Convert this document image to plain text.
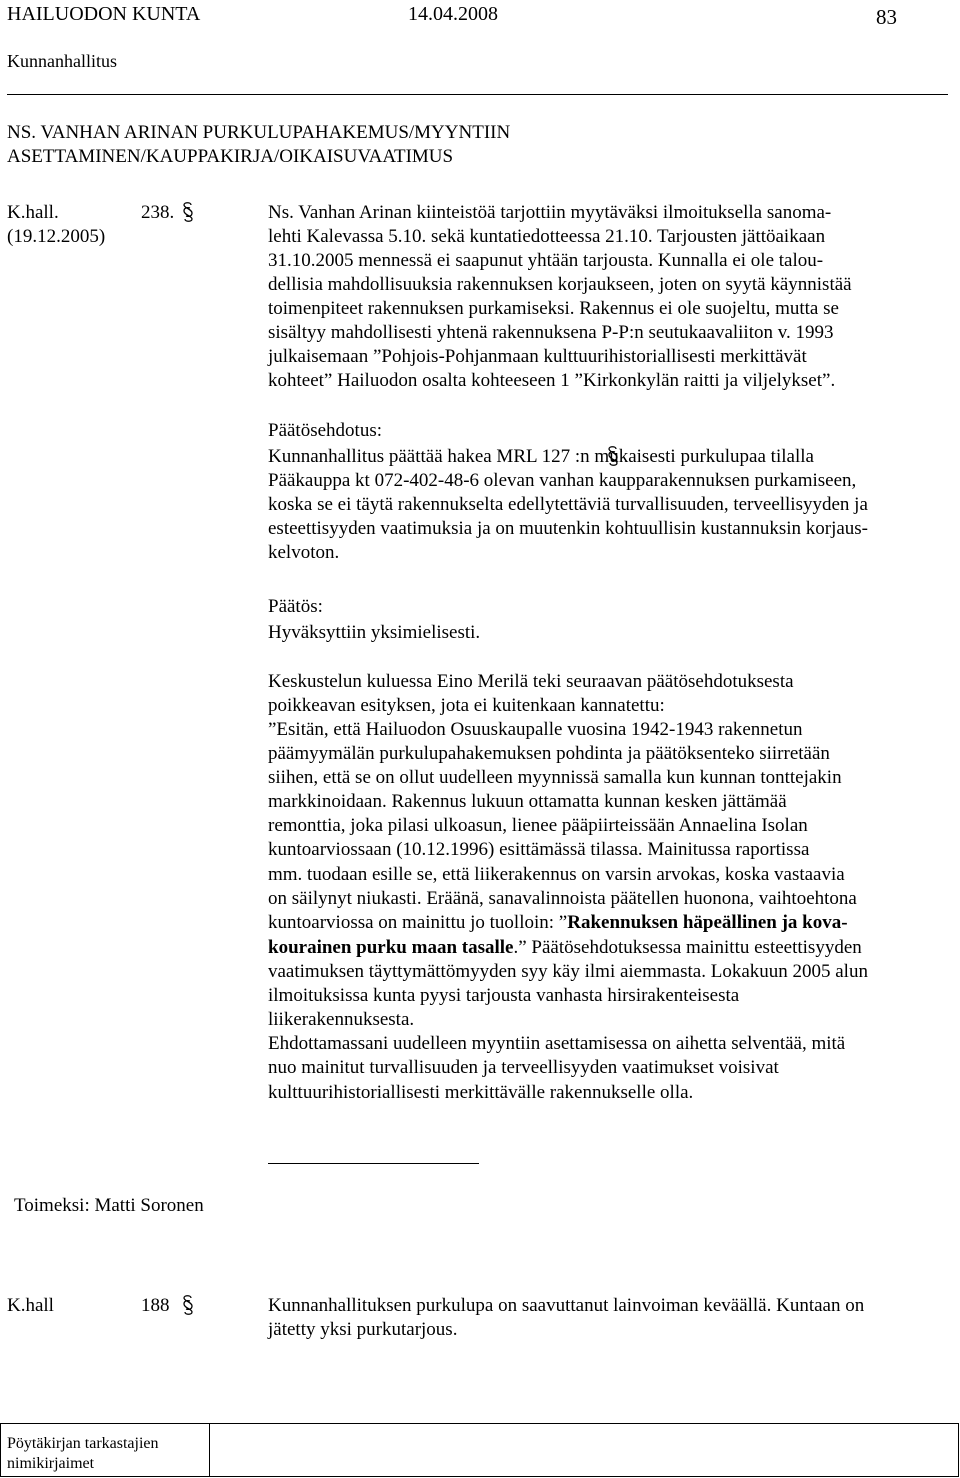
HAILUODON KUNTA	14.04.2008	83
Kunnanhallitus
NS. VANHAN ARINAN PURKULUPAHAKEMUS/MYYNTIIN
ASETTAMINEN/KAUPPAKIRJA/OIKAISUVAATIMUS
K.hall.	238.
(19.12.2005)
Ns. Vanhan Arinan kiinteistöä tarjottiin myytäväksi ilmoituksella sanoma-
lehti Kalevassa 5.10. sekä kuntatiedotteessa 21.10. Tarjousten jättöaikaan
31.10.2005 mennessä ei saapunut yhtään tarjousta. Kunnalla ei ole talou-
dellisia mahdollisuuksia rakennuksen korjaukseen, joten on syytä käynnistää
toimenpiteet rakennuksen purkamiseksi. Rakennus ei ole suojeltu, mutta se
sisältyy mahdollisesti yhtenä rakennuksena P-P:n seutukaavaliiton v. 1993
julkaisemaan ”Pohjois-Pohjanmaan kulttuurihistoriallisesti merkittävät
kohteet” Hailuodon osalta kohteeseen 1 ”Kirkonkylän raitti ja viljelykset”.
Päätösehdotus:
Kunnanhallitus päättää hakea MRL 127 :n mukaisesti purkulupaa tilalla
Pääkauppa kt 072-402-48-6 olevan vanhan kaupparakennuksen purkamiseen,
koska se ei täytä rakennukselta edellytettäviä turvallisuuden, terveellisyyden ja
esteettisyyden vaatimuksia ja on muutenkin kohtuullisin kustannuksin korjaus-
kelvoton.
Päätös:
Hyväksyttiin yksimielisesti.
Keskustelun kuluessa Eino Merilä teki seuraavan päätösehdotuksesta
poikkeavan esityksen, jota ei kuitenkaan kannatettu:
”Esitän, että Hailuodon Osuuskaupalle vuosina 1942-1943 rakennetun
päämyymälän purkulupahakemuksen pohdinta ja päätöksenteko siirretään
siihen, että se on ollut uudelleen myynnissä samalla kun kunnan tonttejakin
markkinoidaan. Rakennus lukuun ottamatta kunnan kesken jättämää
remonttia, joka pilasi ulkoasun, lienee pääpiirteissään Annaelina Isolan
kuntoarviossaan (10.12.1996) esittämässä tilassa. Mainitussa raportissa
mm. tuodaan esille se, että liikerakennus on varsin arvokas, koska vastaavia
on säilynyt niukasti. Eräänä, sanavalinnoista päätellen huonona, vaihtoehtona
kuntoarviossa on mainittu jo tuolloin: ”Rakennuksen häpeällinen ja kova-
kourainen purku maan tasalle.” Päätösehdotuksessa mainittu esteettisyyden
vaatimuksen täyttymättömyyden syy käy ilmi aiemmasta. Lokakuun 2005 alun
ilmoituksissa kunta pyysi tarjousta vanhasta hirsirakenteisesta
liikerakennuksesta.
Ehdottamassani uudelleen myyntiin asettamisessa on aihetta selventää, mitä
nuo mainitut turvallisuuden ja terveellisyyden vaatimukset voisivat
kulttuurihistoriallisesti merkittävälle rakennukselle olla.
Toimeksi: Matti Soronen
K.hall	188	Kunnanhallituksen purkulupa on saavuttanut lainvoiman keväällä. Kuntaan on
jätetty yksi purkutarjous.
Pöytäkirjan tarkastajien
nimikirjaimet
